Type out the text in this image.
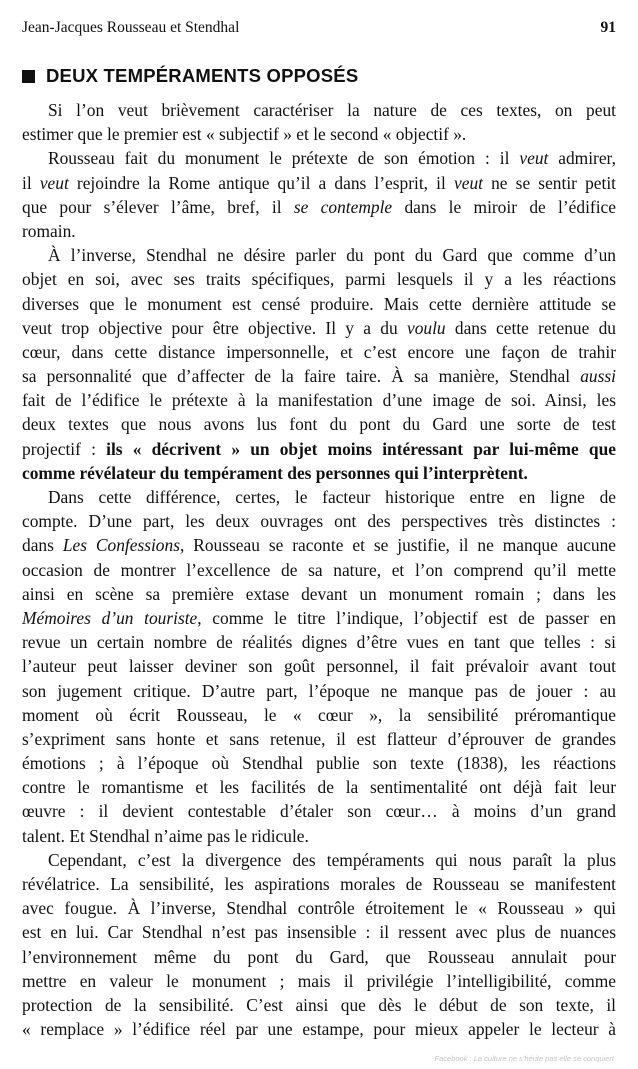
Jean-Jacques Rousseau et Stendhal	91
DEUX TEMPÉRAMENTS OPPOSÉS
Si l’on veut brièvement caractériser la nature de ces textes, on peut
estimer que le premier est « subjectif » et le second « objectif ».
Rousseau fait du monument le prétexte de son émotion : il veut admirer,
il veut rejoindre la Rome antique qu’il a dans l’esprit, il veut ne se sentir petit
que pour s’élever l’âme, bref, il se contemple dans le miroir de l’édifice
romain.
À l’inverse, Stendhal ne désire parler du pont du Gard que comme d’un
objet en soi, avec ses traits spécifiques, parmi lesquels il y a les réactions
diverses que le monument est censé produire. Mais cette dernière attitude se
veut trop objective pour être objective. Il y a du voulu dans cette retenue du
cœur, dans cette distance impersonnelle, et c’est encore une façon de trahir
sa personnalité que d’affecter de la faire taire. À sa manière, Stendhal aussi
fait de l’édifice le prétexte à la manifestation d’une image de soi. Ainsi, les
deux textes que nous avons lus font du pont du Gard une sorte de test
projectif : ils « décrivent » un objet moins intéressant par lui-même que
comme révélateur du tempérament des personnes qui l’interprètent.
Dans cette différence, certes, le facteur historique entre en ligne de
compte. D’une part, les deux ouvrages ont des perspectives très distinctes :
dans Les Confessions, Rousseau se raconte et se justifie, il ne manque aucune
occasion de montrer l’excellence de sa nature, et l’on comprend qu’il mette
ainsi en scène sa première extase devant un monument romain ; dans les
Mémoires d’un touriste, comme le titre l’indique, l’objectif est de passer en
revue un certain nombre de réalités dignes d’être vues en tant que telles : si
l’auteur peut laisser deviner son goût personnel, il fait prévaloir avant tout
son jugement critique. D’autre part, l’époque ne manque pas de jouer : au
moment où écrit Rousseau, le « cœur », la sensibilité préromantique
s’expriment sans honte et sans retenue, il est flatteur d’éprouver de grandes
émotions ; à l’époque où Stendhal publie son texte (1838), les réactions
contre le romantisme et les facilités de la sentimentalité ont déjà fait leur
œuvre : il devient contestable d’étaler son cœur… à moins d’un grand
talent. Et Stendhal n’aime pas le ridicule.
Cependant, c’est la divergence des tempéraments qui nous paraît la plus
révélatrice. La sensibilité, les aspirations morales de Rousseau se manifestent
avec fougue. À l’inverse, Stendhal contrôle étroitement le « Rousseau » qui
est en lui. Car Stendhal n’est pas insensible : il ressent avec plus de nuances
l’environnement même du pont du Gard, que Rousseau annulait pour
mettre en valeur le monument ; mais il privilégie l’intelligibilité, comme
protection de la sensibilité. C’est ainsi que dès le début de son texte, il
« remplace » l’édifice réel par une estampe, pour mieux appeler le lecteur à
Facebook : La culture ne s'hérite pas elle se conquiert
